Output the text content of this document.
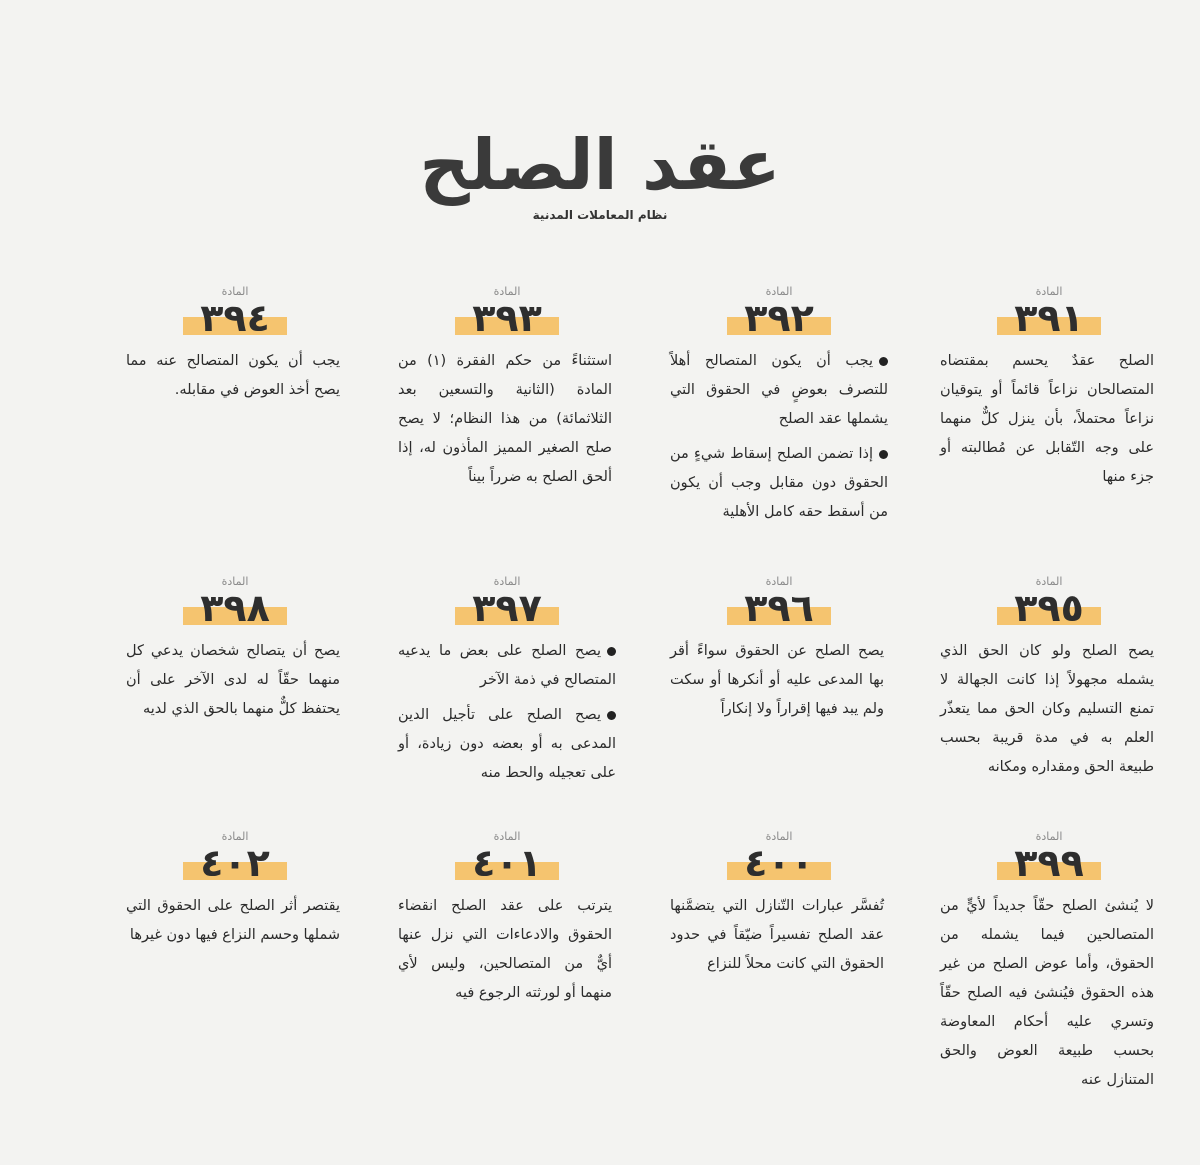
عقد الصلح
نظام المعاملات المدنية
المادة
٣٩١
الصلح عقدٌ يحسم بمقتضاه المتصالحان نزاعاً قائماً أو يتوقيان نزاعاً محتملاً، بأن ينزل كلٌّ منهما على وجه التّقابل عن مُطالبته أو جزء منها
المادة
٣٩٢
يجب أن يكون المتصالح أهلاً للتصرف بعوضٍ في الحقوق التي يشملها عقد الصلح
إذا تضمن الصلح إسقاط شيءٍ من الحقوق دون مقابل وجب أن يكون من أسقط حقه كامل الأهلية
المادة
٣٩٣
استثناءً من حكم الفقرة (١) من المادة (الثانية والتسعين بعد الثلاثمائة) من هذا النظام؛ لا يصح صلح الصغير المميز المأذون له، إذا ألحق الصلح به ضرراً بيناً
المادة
٣٩٤
يجب أن يكون المتصالح عنه مما يصح أخذ العوض في مقابله.
المادة
٣٩٥
يصح الصلح ولو كان الحق الذي يشمله مجهولاً إذا كانت الجهالة لا تمنع التسليم وكان الحق مما يتعذّر العلم به في مدة قريبة بحسب طبيعة الحق ومقداره ومكانه
المادة
٣٩٦
يصح الصلح عن الحقوق سواءً أقر بها المدعى عليه أو أنكرها أو سكت ولم يبد فيها إقراراً ولا إنكاراً
المادة
٣٩٧
يصح الصلح على بعض ما يدعيه المتصالح في ذمة الآخر
يصح الصلح على تأجيل الدين المدعى به أو بعضه دون زيادة، أو على تعجيله والحط منه
المادة
٣٩٨
يصح أن يتصالح شخصان يدعي كل منهما حقّاً له لدى الآخر على أن يحتفظ كلٌّ منهما بالحق الذي لديه
المادة
٣٩٩
لا يُنشئ الصلح حقّاً جديداً لأيٍّ من المتصالحين فيما يشمله من الحقوق، وأما عوض الصلح من غير هذه الحقوق فيُنشئ فيه الصلح حقّاً وتسري عليه أحكام المعاوضة بحسب طبيعة العوض والحق المتنازل عنه
المادة
٤٠٠
تُفسَّر عبارات التّنازل التي يتضمَّنها عقد الصلح تفسيراً ضيّقاً في حدود الحقوق التي كانت محلاً للنزاع
المادة
٤٠١
يترتب على عقد الصلح انقضاء الحقوق والادعاءات التي نزل عنها أيٌّ من المتصالحين، وليس لأي منهما أو لورثته الرجوع فيه
المادة
٤٠٢
يقتصر أثر الصلح على الحقوق التي شملها وحسم النزاع فيها دون غيرها
